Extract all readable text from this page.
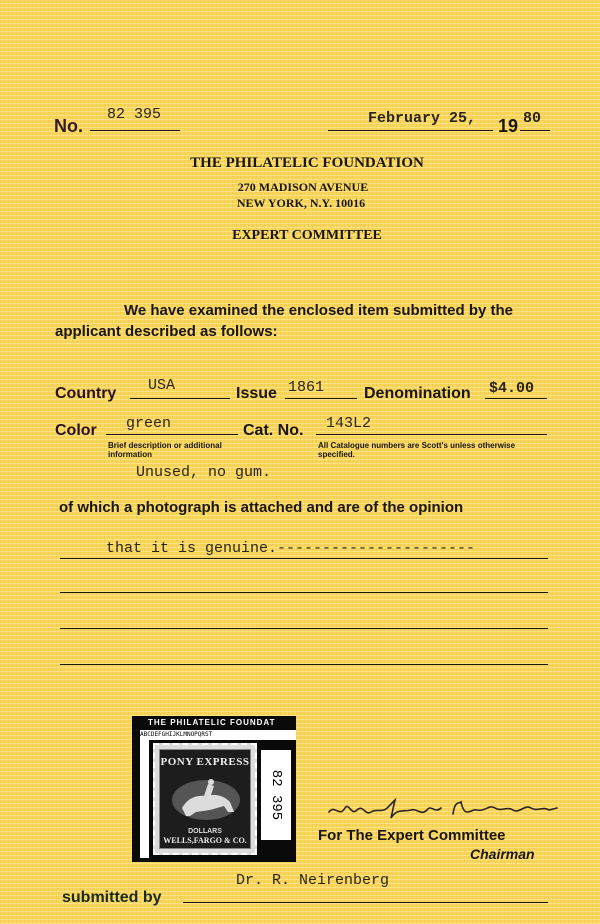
No.
82 395	February 25, 19 80
THE PHILATELIC FOUNDATION
270 MADISON AVENUE
NEW YORK, N.Y. 10016
EXPERT COMMITTEE
We have examined the enclosed item submitted by the
applicant described as follows:
Country USA	Issue 1861 Denomination $4.00
Color green	Cat. No. 143L2
Brief description or additional information
All Catalogue numbers are Scott's unless otherwise specified.
Unused, no gum.
of which a photograph is attached and are of the opinion
that it is genuine.----------------------
THE PHILATELIC FOUNDAT
ABCDEFGHIJKLMNOPQRST
PONY EXPRESS
DOLLARS
WELLS,FARGO & CO.
82 395
For The Expert Committee
Chairman
submitted by
Dr. R. Neirenberg
